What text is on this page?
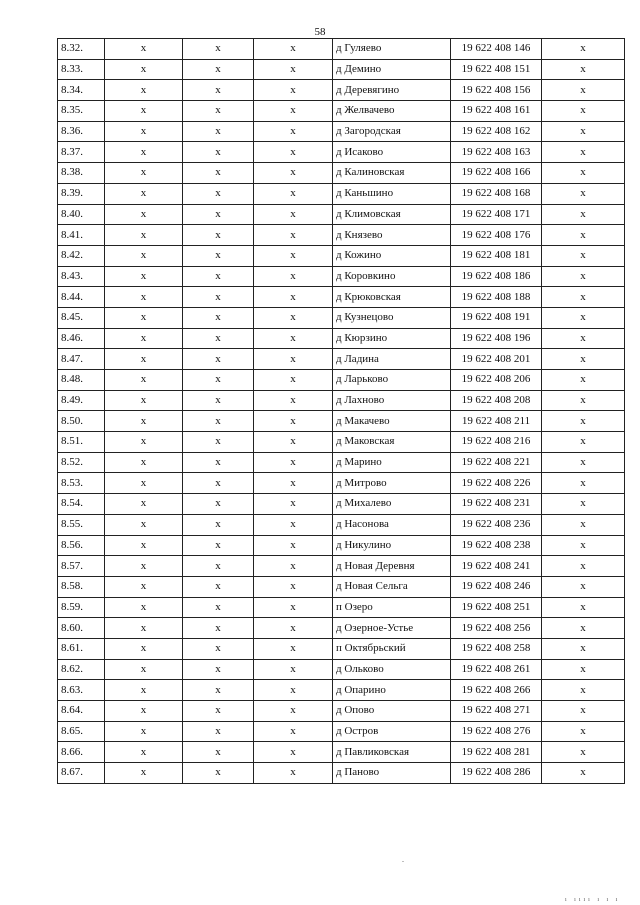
58
8.32.	x	x	x	д Гуляево	19 622 408 146	x
8.33.	x	x	x	д Демино	19 622 408 151	x
8.34.	x	x	x	д Деревягино	19 622 408 156	x
8.35.	x	x	x	д Желвачево	19 622 408 161	x
8.36.	x	x	x	д Загородская	19 622 408 162	x
8.37.	x	x	x	д Исаково	19 622 408 163	x
8.38.	x	x	x	д Калиновская	19 622 408 166	x
8.39.	x	x	x	д Каньшино	19 622 408 168	x
8.40.	x	x	x	д Климовская	19 622 408 171	x
8.41.	x	x	x	д Князево	19 622 408 176	x
8.42.	x	x	x	д Кожино	19 622 408 181	x
8.43.	x	x	x	д Коровкино	19 622 408 186	x
8.44.	x	x	x	д Крюковская	19 622 408 188	x
8.45.	x	x	x	д Кузнецово	19 622 408 191	x
8.46.	x	x	x	д Кюрзино	19 622 408 196	x
8.47.	x	x	x	д Ладина	19 622 408 201	x
8.48.	x	x	x	д Ларьково	19 622 408 206	x
8.49.	x	x	x	д Лахново	19 622 408 208	x
8.50.	x	x	x	д Макачево	19 622 408 211	x
8.51.	x	x	x	д Маковская	19 622 408 216	x
8.52.	x	x	x	д Марино	19 622 408 221	x
8.53.	x	x	x	д Митрово	19 622 408 226	x
8.54.	x	x	x	д Михалево	19 622 408 231	x
8.55.	x	x	x	д Насонова	19 622 408 236	x
8.56.	x	x	x	д Никулино	19 622 408 238	x
8.57.	x	x	x	д Новая Деревня	19 622 408 241	x
8.58.	x	x	x	д Новая Сельга	19 622 408 246	x
8.59.	x	x	x	п Озеро	19 622 408 251	x
8.60.	x	x	x	д Озерное-Устье	19 622 408 256	x
8.61.	x	x	x	п Октябрьский	19 622 408 258	x
8.62.	x	x	x	д Ольково	19 622 408 261	x
8.63.	x	x	x	д Опарино	19 622 408 266	x
8.64.	x	x	x	д Опово	19 622 408 271	x
8.65.	x	x	x	д Остров	19 622 408 276	x
8.66.	x	x	x	д Павликовская	19 622 408 281	x
8.67.	x	x	x	д Паново	19 622 408 286	x
.
ı ıııı ı ı ı
